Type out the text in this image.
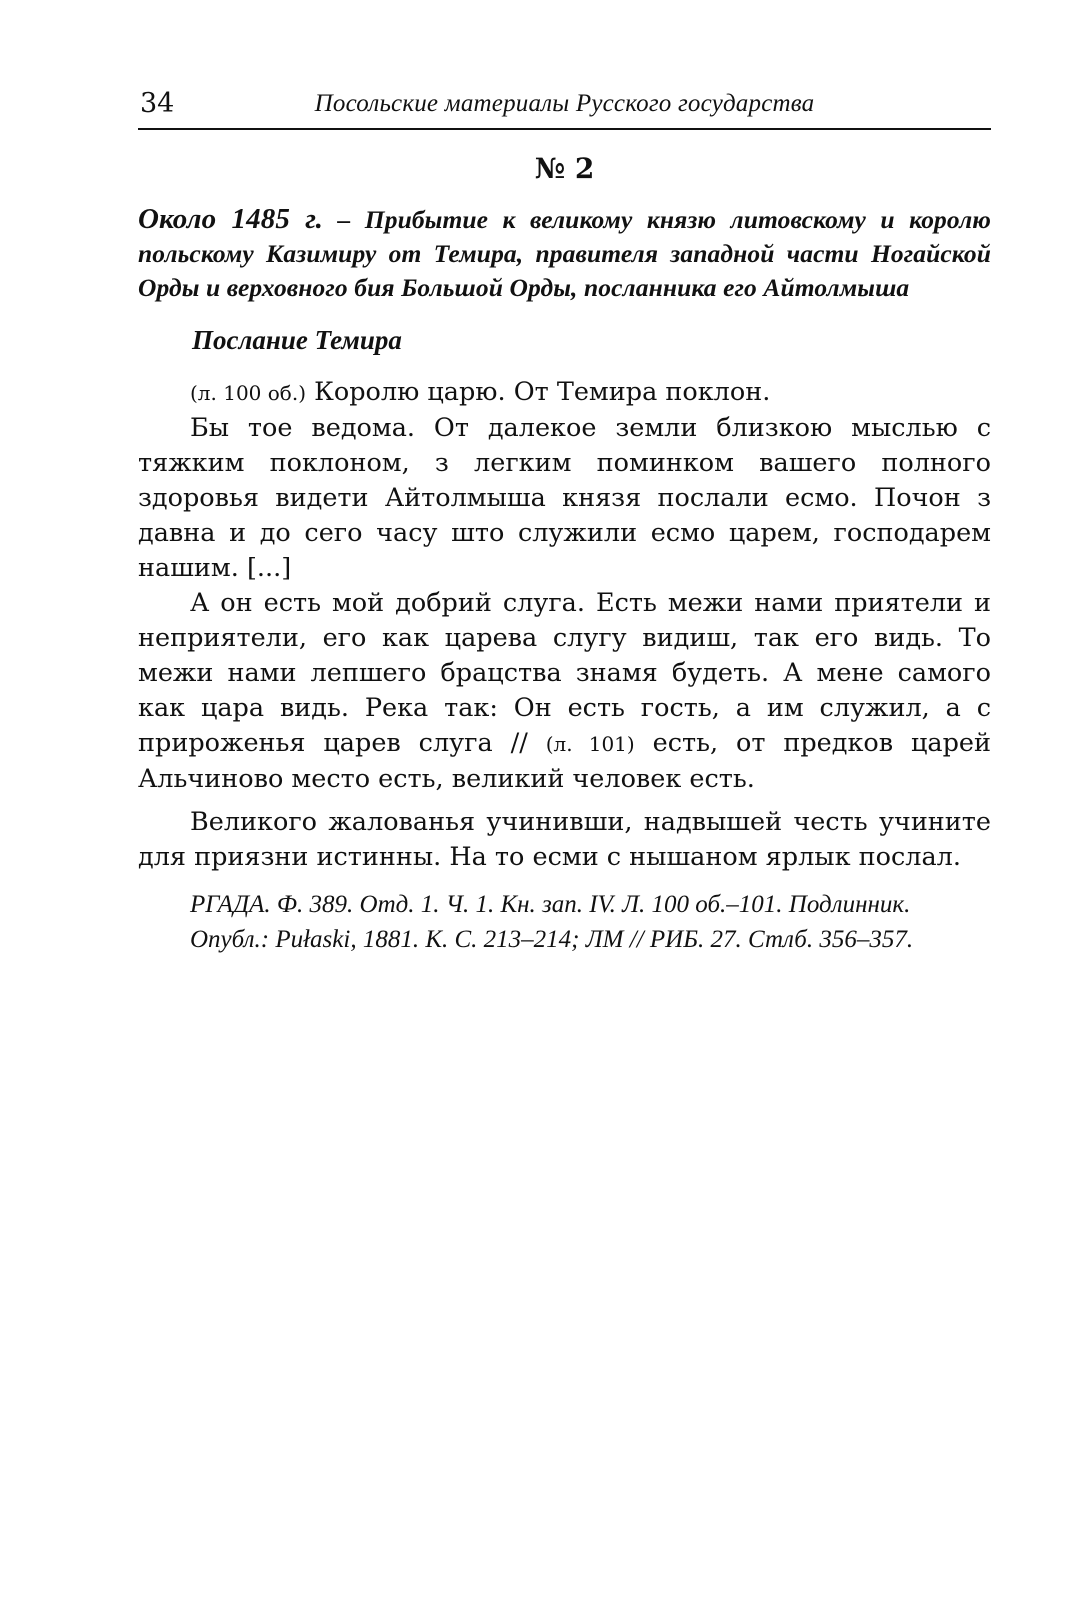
34	Посольские материалы Русского государства
№ 2
Около 1485 г. – Прибытие к великому князю литовскому и королю польскому Казимиру от Темира, правителя западной части Ногайской Орды и верховного бия Большой Орды, посланника его Айтолмыша
Послание Темира

(л. 100 об.) Королю царю. От Темира поклон.

Бы тое ведома. От далекое земли близкою мыслью с тяжким поклоном, з легким поминком вашего полного здоровья видети Айтолмыша князя послали есмо. Почон з давна и до сего часу што служили есмо царем, господарем нашим. [...]

А он есть мой добрий слуга. Есть межи нами приятели и неприятели, его как царева слугу видиш, так его видь. То межи нами лепшего брацства знамя будеть. А мене самого как цара видь. Река так: Он есть гость, а им служил, а с прироженья царев слуга // (л. 101) есть, от предков царей Альчиново место есть, великий человек есть.

Великого жалованья учинивши, надвышей честь учините для приязни истинны. На то есми с нышаном ярлык послал.

РГАДА. Ф. 389. Отд. 1. Ч. 1. Кн. зап. IV. Л. 100 об.–101. Подлинник.

Опубл.: Pułaski, 1881. K. С. 213–214; ЛМ // РИБ. 27. Стлб. 356–357.
